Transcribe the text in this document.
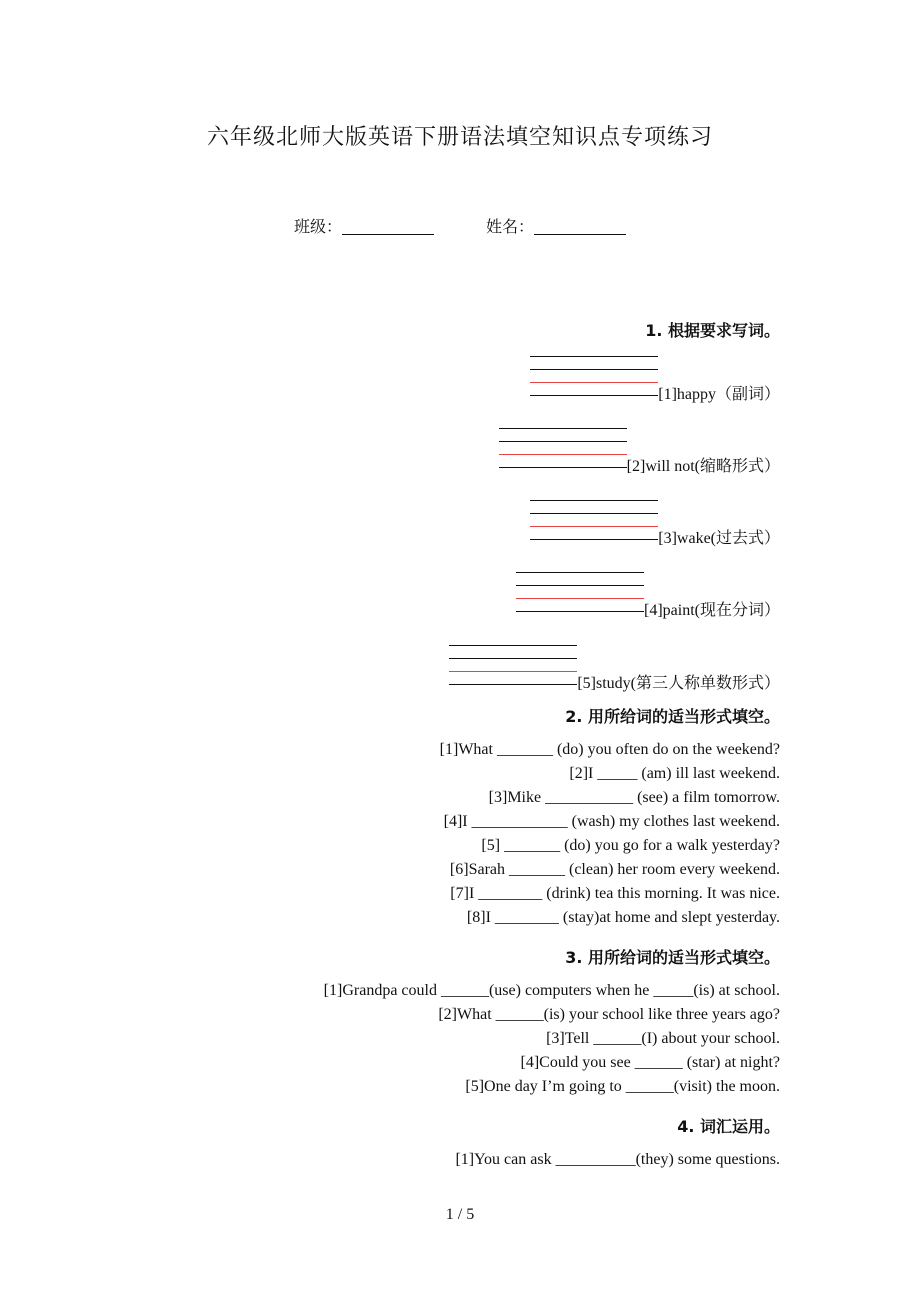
六年级北师大版英语下册语法填空知识点专项练习
班级：	姓名：
1. 根据要求写词。
[1]happy（副词）
[2]will not(缩略形式）
[3]wake(过去式）
[4]paint(现在分词）
[5]study(第三人称单数形式）
2. 用所给词的适当形式填空。
[1]What _______ (do) you often do on the weekend?
[2]I _____ (am) ill last weekend.
[3]Mike ___________ (see) a film tomorrow.
[4]I ____________ (wash) my clothes last weekend.
[5] _______ (do) you go for a walk yesterday?
[6]Sarah _______ (clean) her room every weekend.
[7]I ________ (drink) tea this morning. It was nice.
[8]I ________ (stay)at home and slept yesterday.
3. 用所给词的适当形式填空。
[1]Grandpa could ______(use) computers when he _____(is) at school.
[2]What ______(is) your school like three years ago?
[3]Tell ______(I) about your school.
[4]Could you see ______ (star) at night?
[5]One day I’m going to ______(visit) the moon.
4. 词汇运用。
[1]You can ask __________(they) some questions.
1 / 5
